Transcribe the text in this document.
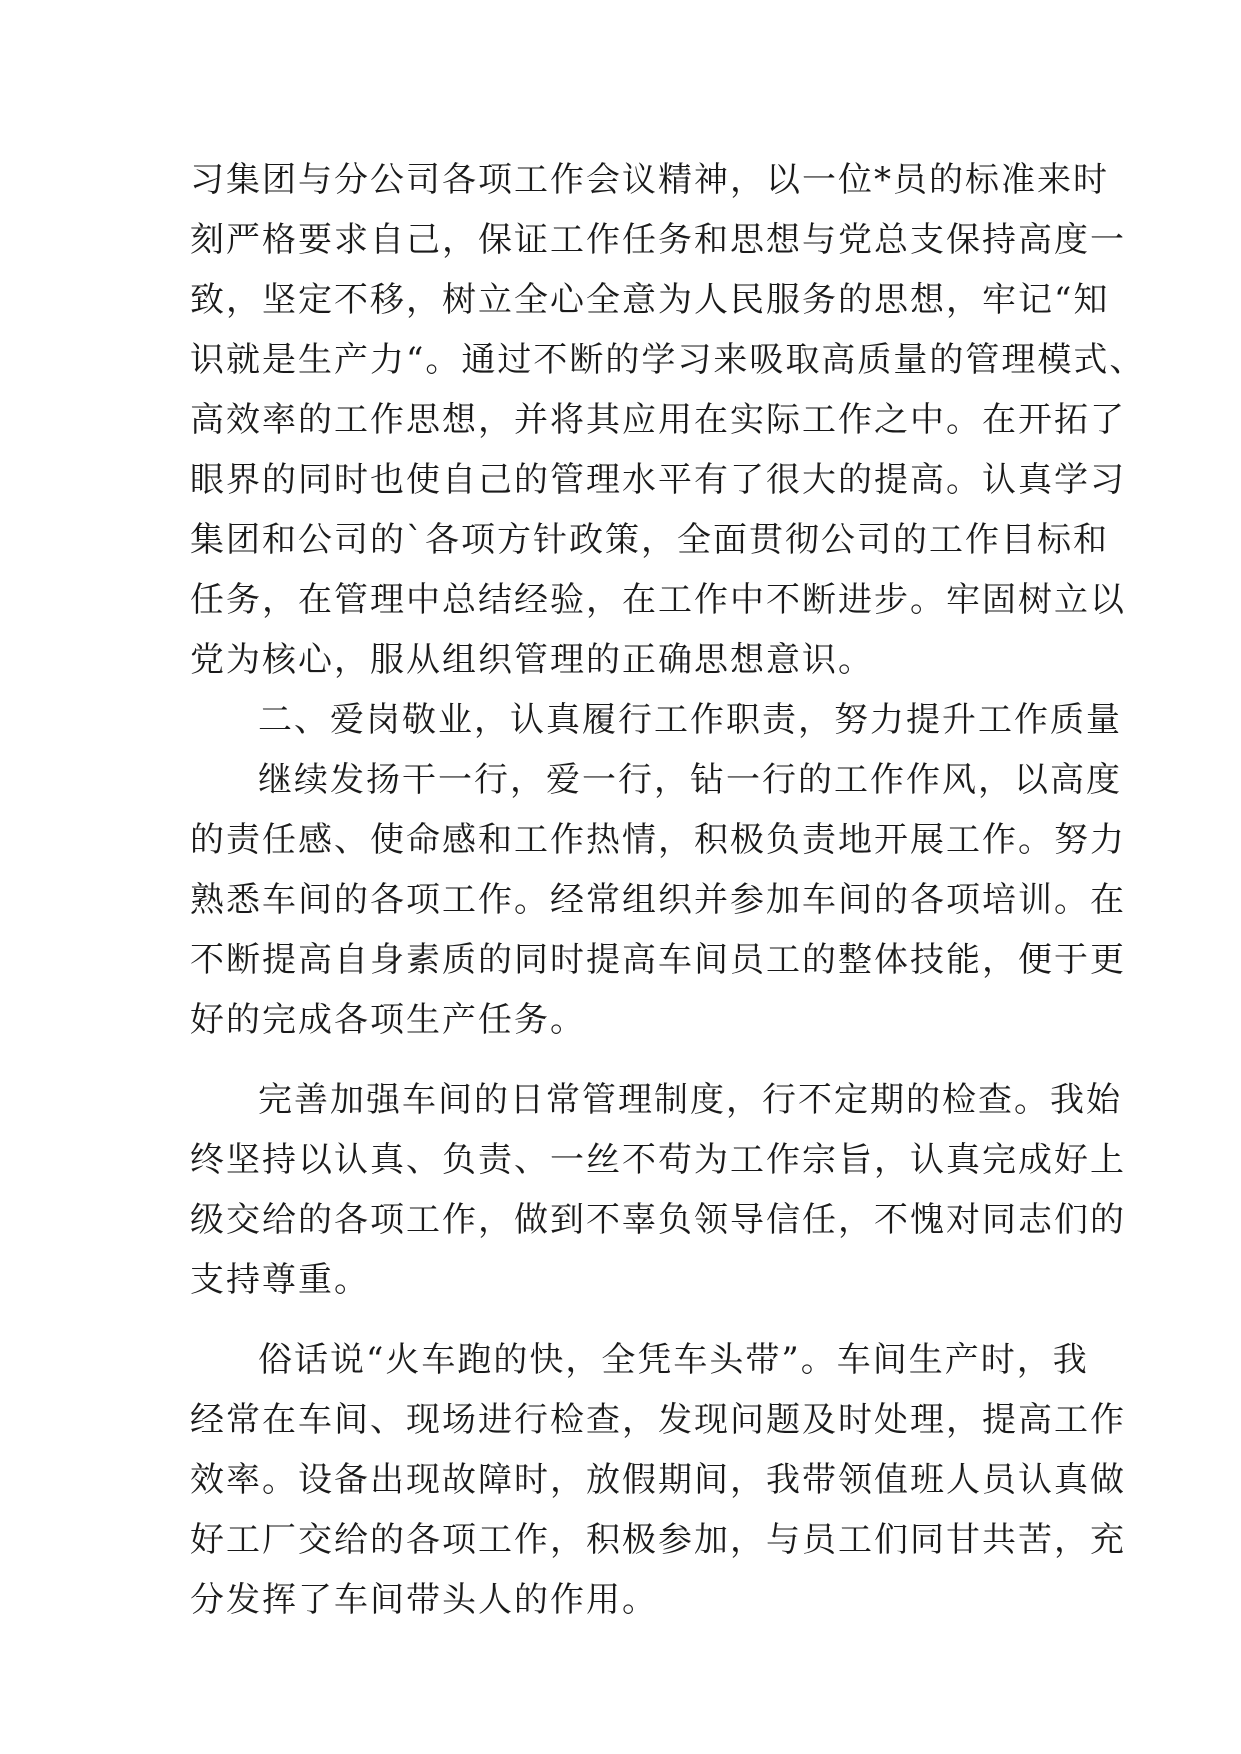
习集团与分公司各项工作会议精神，以一位*员的标准来时
刻严格要求自己，保证工作任务和思想与党总支保持高度一
致，坚定不移，树立全心全意为人民服务的思想，牢记“知
识就是生产力“。通过不断的学习来吸取高质量的管理模式、
高效率的工作思想，并将其应用在实际工作之中。在开拓了
眼界的同时也使自己的管理水平有了很大的提高。认真学习
集团和公司的`各项方针政策，全面贯彻公司的工作目标和
任务，在管理中总结经验，在工作中不断进步。牢固树立以
党为核心，服从组织管理的正确思想意识。
二、爱岗敬业，认真履行工作职责，努力提升工作质量
继续发扬干一行，爱一行，钻一行的工作作风，以高度
的责任感、使命感和工作热情，积极负责地开展工作。努力
熟悉车间的各项工作。经常组织并参加车间的各项培训。在
不断提高自身素质的同时提高车间员工的整体技能，便于更
好的完成各项生产任务。
完善加强车间的日常管理制度，行不定期的检查。我始
终坚持以认真、负责、一丝不苟为工作宗旨，认真完成好上
级交给的各项工作，做到不辜负领导信任，不愧对同志们的
支持尊重。
俗话说“火车跑的快，全凭车头带”。车间生产时，我
经常在车间、现场进行检查，发现问题及时处理，提高工作
效率。设备出现故障时，放假期间，我带领值班人员认真做
好工厂交给的各项工作，积极参加，与员工们同甘共苦，充
分发挥了车间带头人的作用。
